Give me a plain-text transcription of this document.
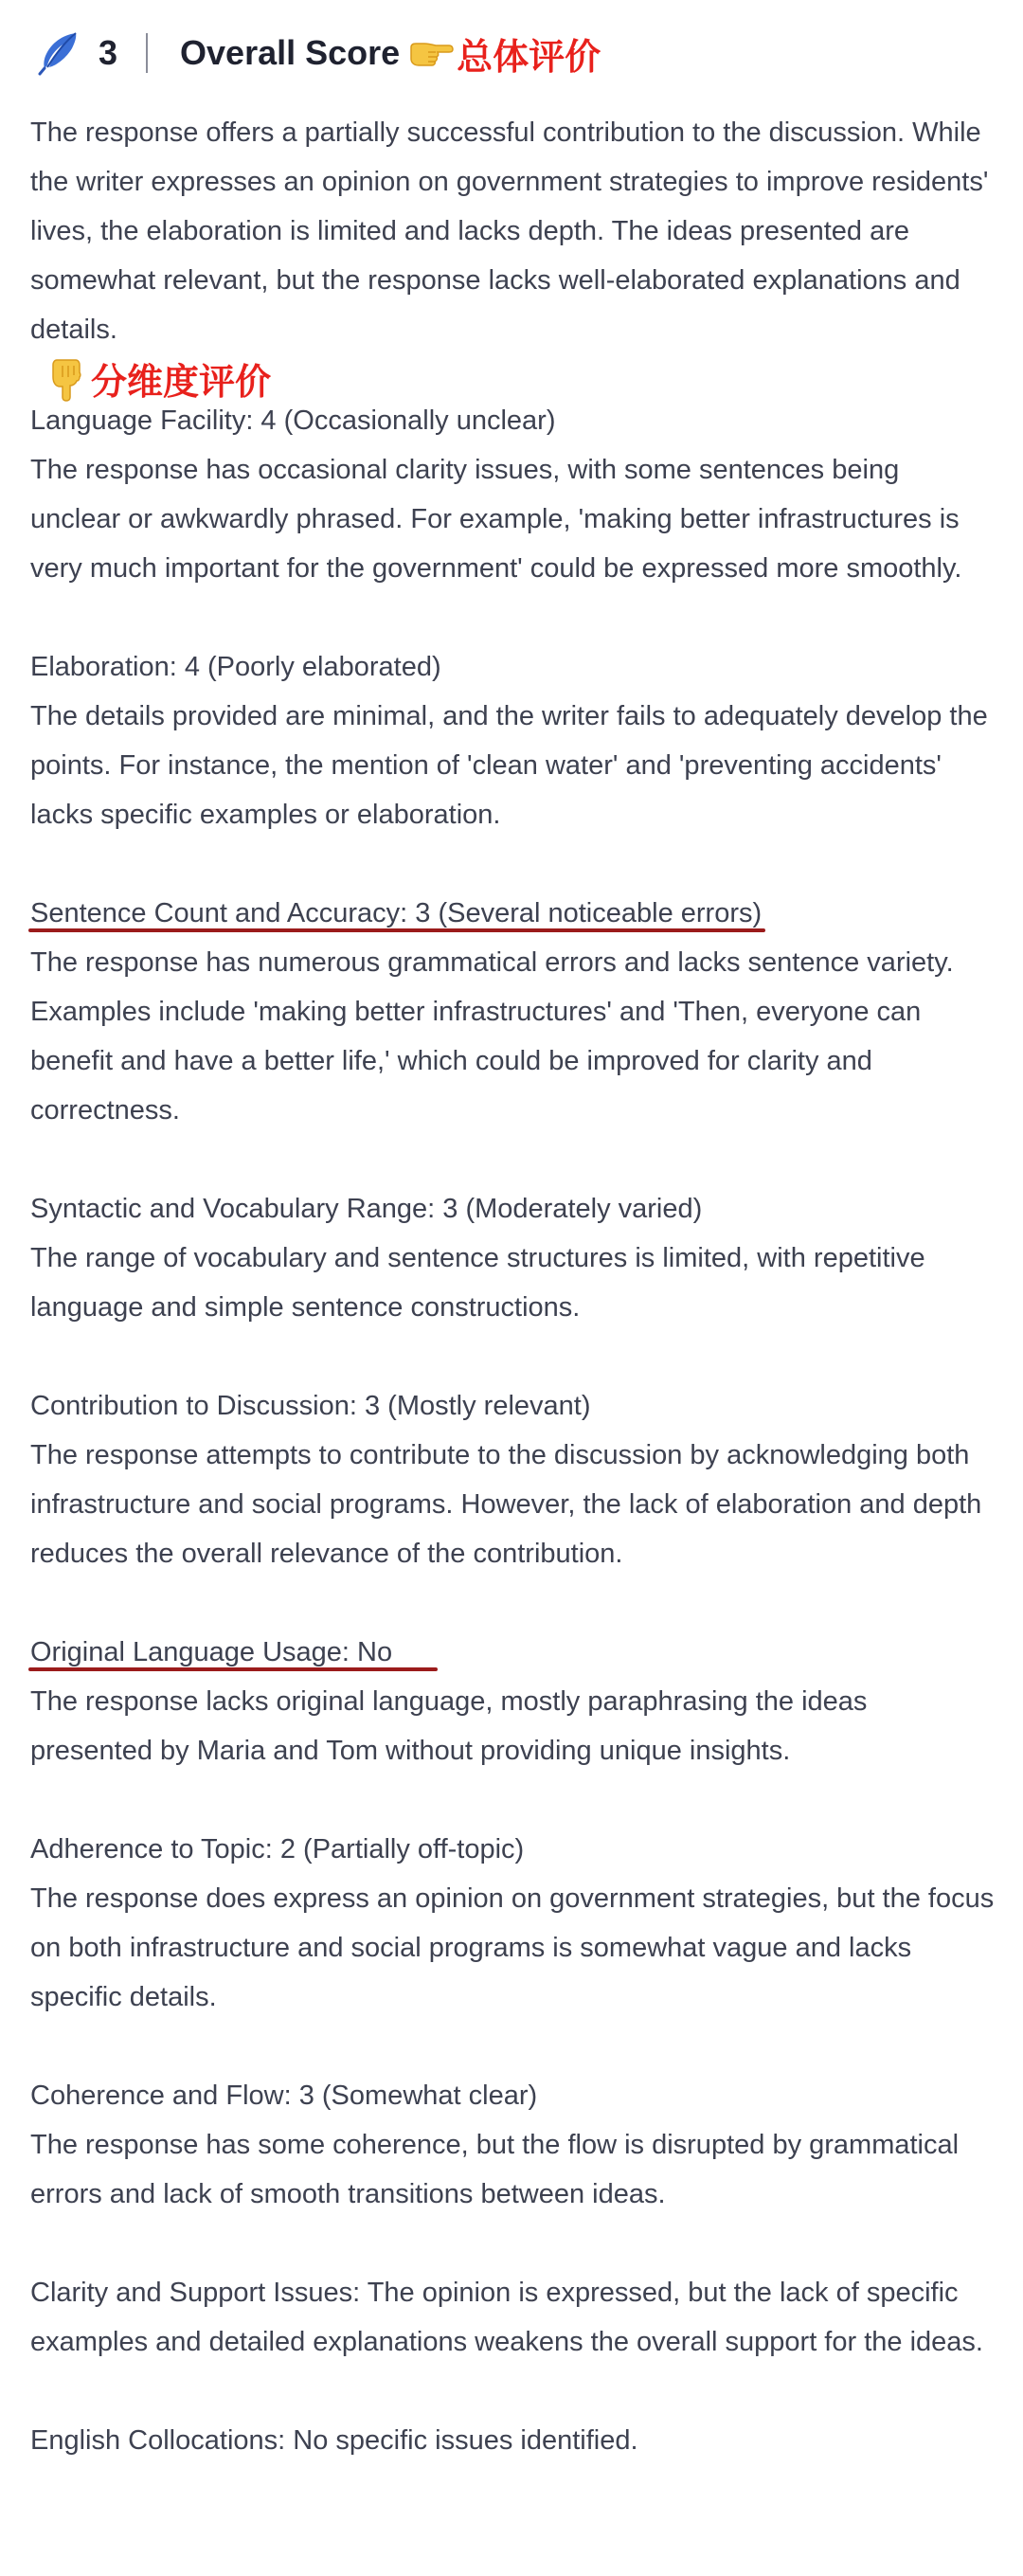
3 Overall Score 总体评价

The response offers a partially successful contribution to the discussion. While the writer expresses an opinion on government strategies to improve residents' lives, the elaboration is limited and lacks depth. The ideas presented are somewhat relevant, but the response lacks well-elaborated explanations and details.

分维度评价
Language Facility: 4 (Occasionally unclear)
The response has occasional clarity issues, with some sentences being unclear or awkwardly phrased. For example, 'making better infrastructures is very much important for the government' could be expressed more smoothly.
Elaboration: 4 (Poorly elaborated)
The details provided are minimal, and the writer fails to adequately develop the points. For instance, the mention of 'clean water' and 'preventing accidents' lacks specific examples or elaboration.
Sentence Count and Accuracy: 3 (Several noticeable errors)
The response has numerous grammatical errors and lacks sentence variety. Examples include 'making better infrastructures' and 'Then, everyone can benefit and have a better life,' which could be improved for clarity and correctness.
Syntactic and Vocabulary Range: 3 (Moderately varied)
The range of vocabulary and sentence structures is limited, with repetitive language and simple sentence constructions.
Contribution to Discussion: 3 (Mostly relevant)
The response attempts to contribute to the discussion by acknowledging both infrastructure and social programs. However, the lack of elaboration and depth reduces the overall relevance of the contribution.
Original Language Usage: No
The response lacks original language, mostly paraphrasing the ideas presented by Maria and Tom without providing unique insights.
Adherence to Topic: 2 (Partially off-topic)
The response does express an opinion on government strategies, but the focus on both infrastructure and social programs is somewhat vague and lacks specific details.
Coherence and Flow: 3 (Somewhat clear)
The response has some coherence, but the flow is disrupted by grammatical errors and lack of smooth transitions between ideas.
Clarity and Support Issues: The opinion is expressed, but the lack of specific examples and detailed explanations weakens the overall support for the ideas.
English Collocations: No specific issues identified.
